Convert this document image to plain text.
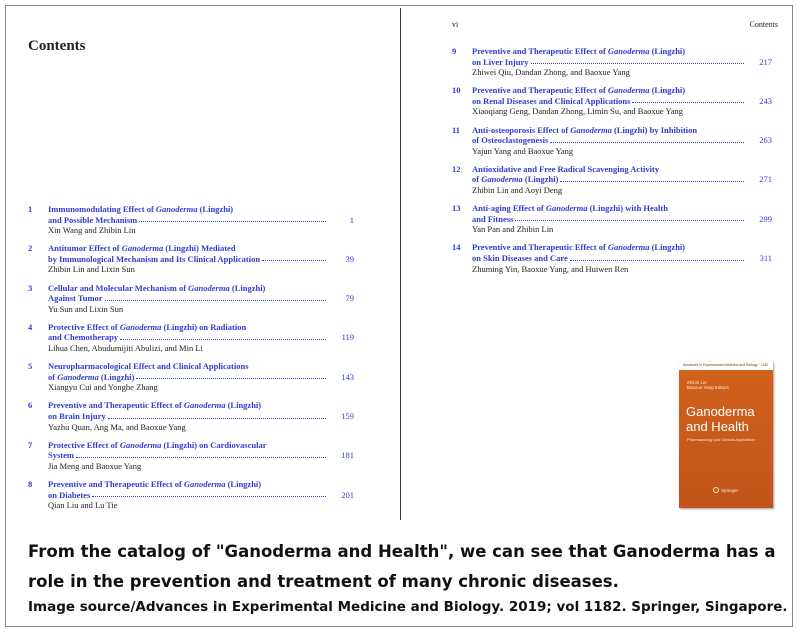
Contents
1
1
Immunomodulating Effect of Ganoderma (Lingzhi)
and Possible Mechanism
Xin Wang and Zhibin Lin
2
39
Antitumor Effect of Ganoderma (Lingzhi) Mediated
by Immunological Mechanism and Its Clinical Application
Zhibin Lin and Lixin Sun
3
79
Cellular and Molecular Mechanism of Ganoderma (Lingzhi)
Against Tumor
Yu Sun and Lixin Sun
4
119
Protective Effect of Ganoderma (Lingzhi) on Radiation
and Chemotherapy
Lihua Chen, Abudumijiti Abulizi, and Min Li
5
143
Neuropharmacological Effect and Clinical Applications
of Ganoderma (Lingzhi)
Xiangyu Cui and Yonghe Zhang
6
159
Preventive and Therapeutic Effect of Ganoderma (Lingzhi)
on Brain Injury
Yazhu Quan, Ang Ma, and Baoxue Yang
7
181
Protective Effect of Ganoderma (Lingzhi) on Cardiovascular
System
Jia Meng and Baoxue Yang
8
201
Preventive and Therapeutic Effect of Ganoderma (Lingzhi)
on Diabetes
Qian Liu and Lu Tie
vi	Contents
9
217
Preventive and Therapeutic Effect of Ganoderma (Lingzhi)
on Liver Injury
Zhiwei Qiu, Dandan Zhong, and Baoxue Yang
10
243
Preventive and Therapeutic Effect of Ganoderma (Lingzhi)
on Renal Diseases and Clinical Applications
Xiaoqiang Geng, Dandan Zhong, Limin Su, and Baoxue Yang
11
263
Anti-osteoporosis Effect of Ganoderma (Lingzhi) by Inhibition
of Osteoclastogenesis
Yajun Yang and Baoxue Yang
12
271
Antioxidative and Free Radical Scavenging Activity
of Ganoderma (Lingzhi)
Zhibin Lin and Aoyi Deng
13
299
Anti-aging Effect of Ganoderma (Lingzhi) with Health
and Fitness
Yan Pan and Zhibin Lin
14
311
Preventive and Therapeutic Effect of Ganoderma (Lingzhi)
on Skin Diseases and Care
Zhuming Yin, Baoxue Yang, and Huiwen Ren
Advances in Experimental Medicine and Biology · 1182
Zhibin Lin
Baoxue Yang Editors
Ganoderma
and Health
Pharmacology and Clinical Application
Springer
From the catalog of "Ganoderma and Health", we can see that Ganoderma has a role in the prevention and treatment of many chronic diseases.
Image source/Advances in Experimental Medicine and Biology. 2019; vol 1182. Springer, Singapore.
